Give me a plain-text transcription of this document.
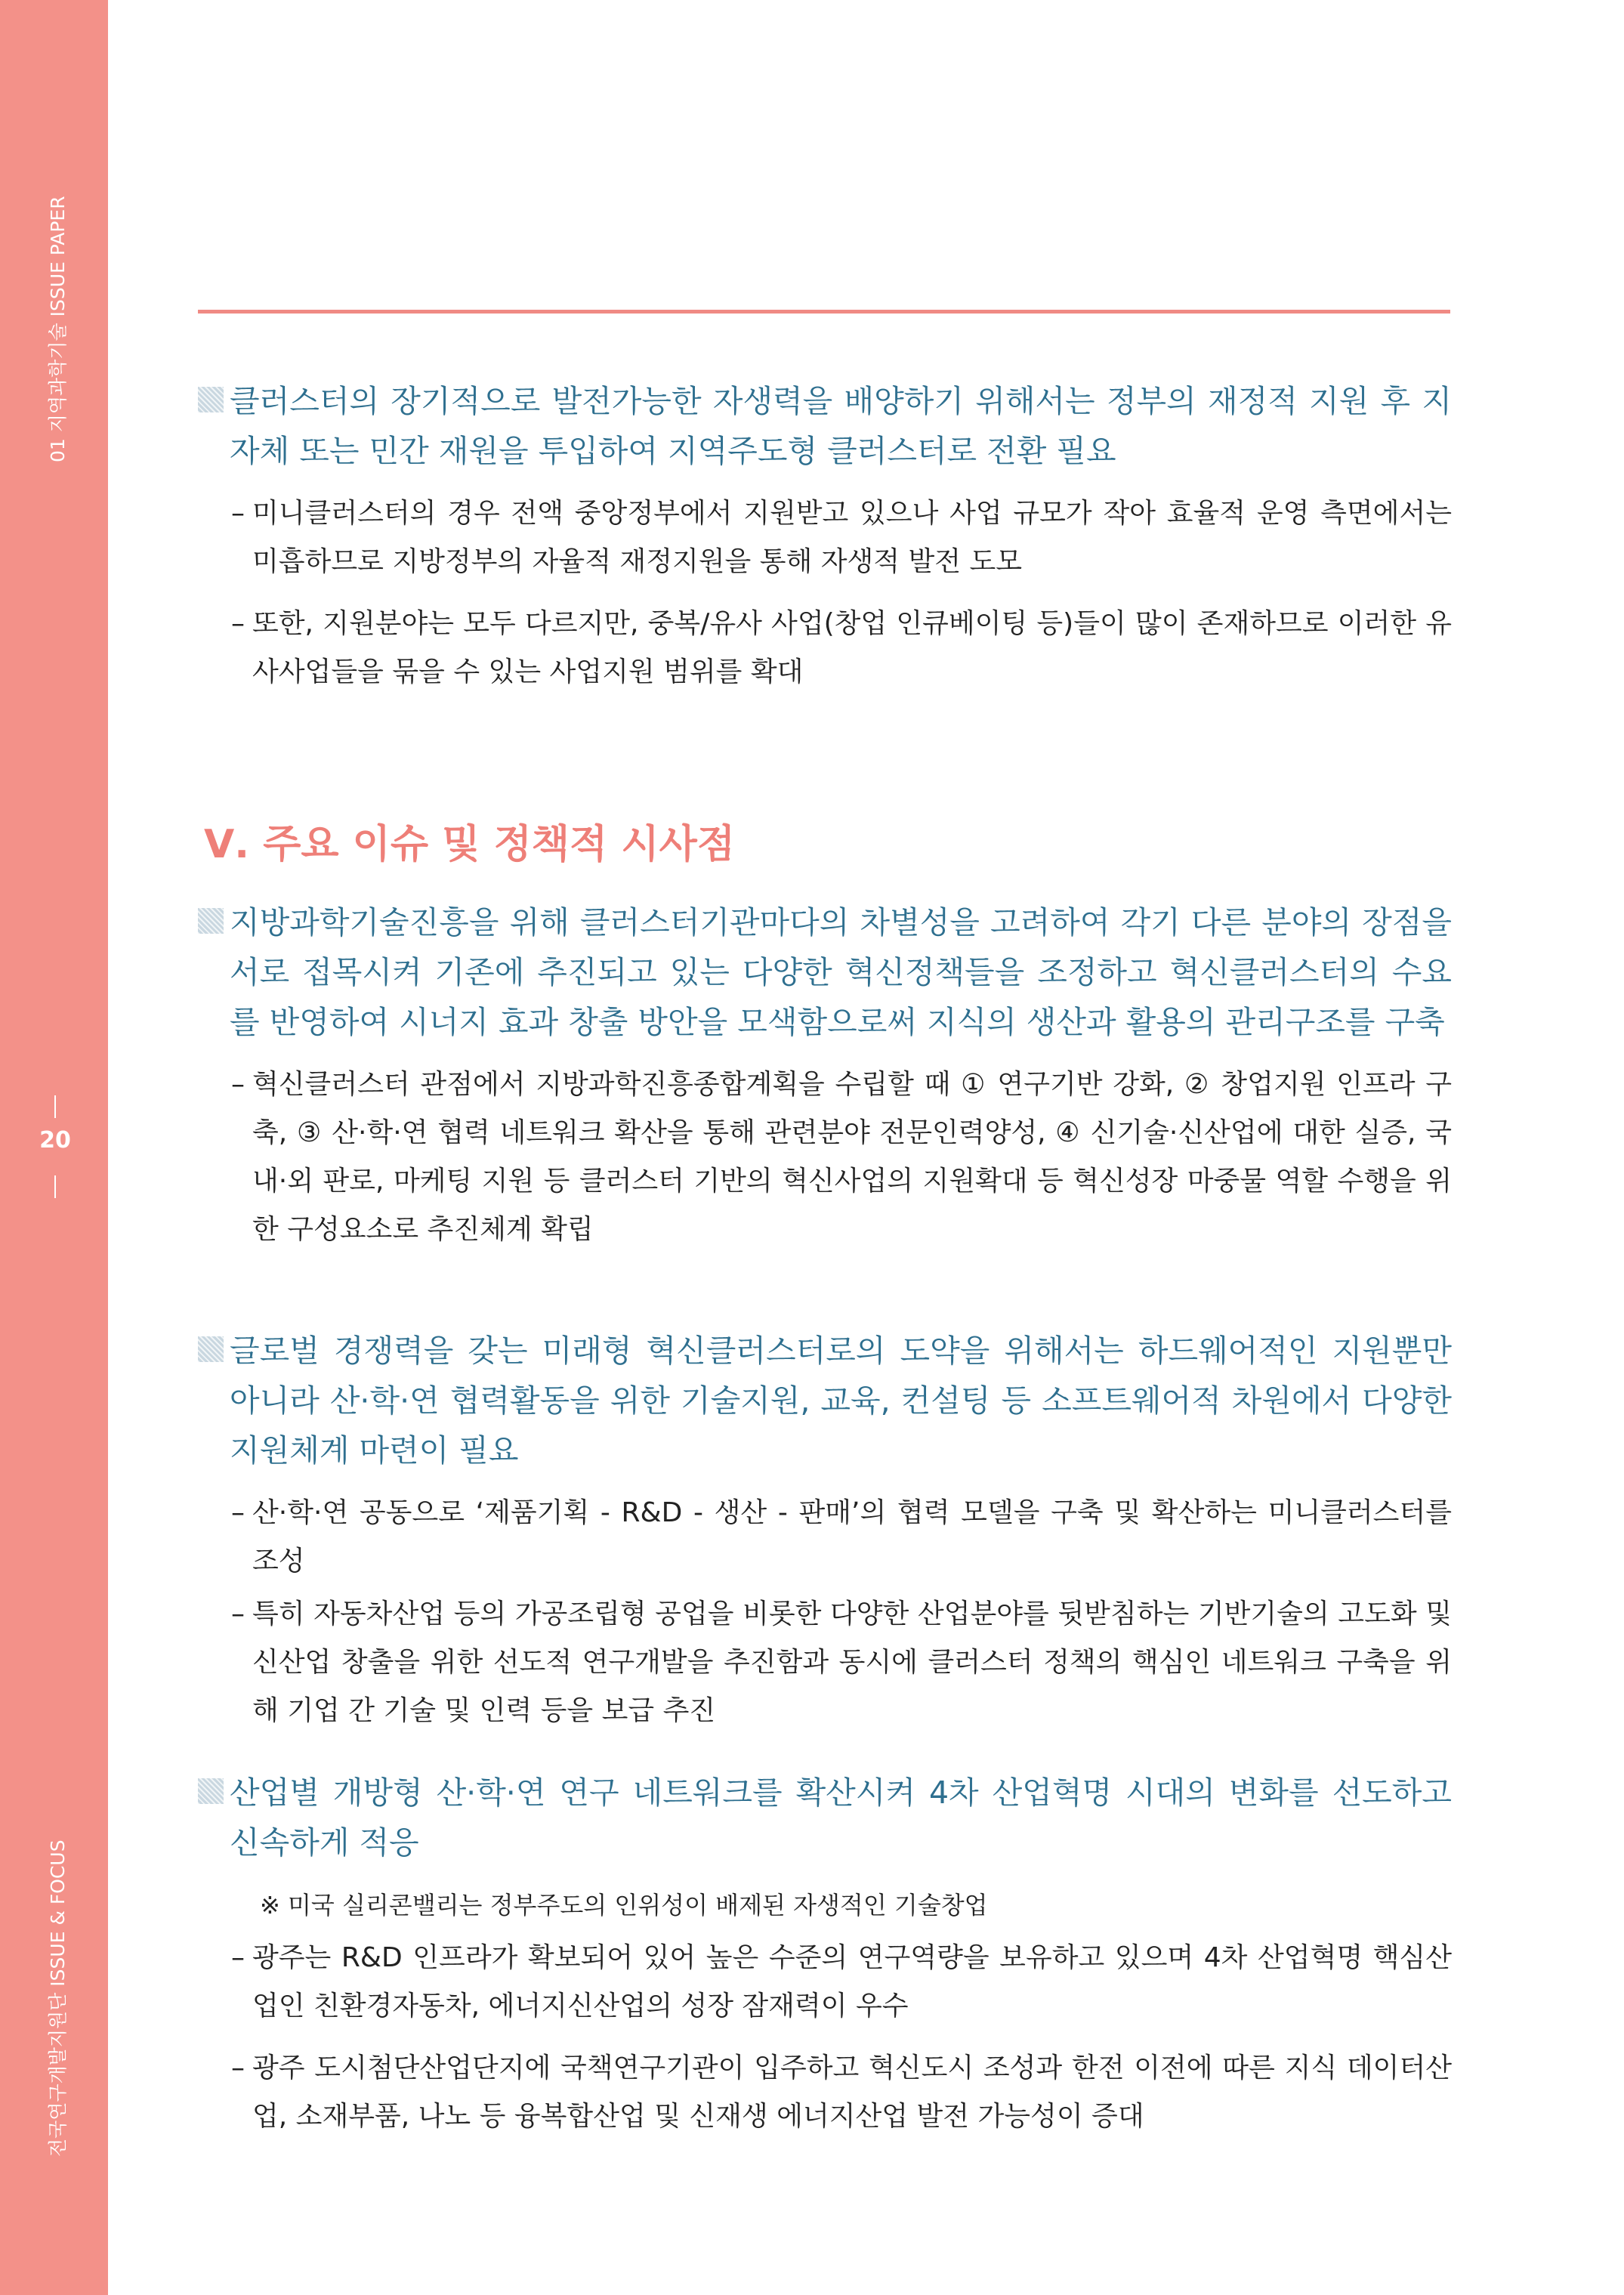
01 지역과학기술 ISSUE PAPER
20
전국연구개발지원단 ISSUE & FOCUS
클러스터의 장기적으로 발전가능한 자생력을 배양하기 위해서는 정부의 재정적 지원 후 지자체 또는 민간 재원을 투입하여 지역주도형 클러스터로 전환 필요
– 미니클러스터의 경우 전액 중앙정부에서 지원받고 있으나 사업 규모가 작아 효율적 운영 측면에서는 미흡하므로 지방정부의 자율적 재정지원을 통해 자생적 발전 도모
– 또한, 지원분야는 모두 다르지만, 중복/유사 사업(창업 인큐베이팅 등)들이 많이 존재하므로 이러한 유사사업들을 묶을 수 있는 사업지원 범위를 확대
Ⅴ. 주요 이슈 및 정책적 시사점
지방과학기술진흥을 위해 클러스터기관마다의 차별성을 고려하여 각기 다른 분야의 장점을 서로 접목시켜 기존에 추진되고 있는 다양한 혁신정책들을 조정하고 혁신클러스터의 수요를 반영하여 시너지 효과 창출 방안을 모색함으로써 지식의 생산과 활용의 관리구조를 구축
– 혁신클러스터 관점에서 지방과학진흥종합계획을 수립할 때 ① 연구기반 강화, ② 창업지원 인프라 구축, ③ 산·학·연 협력 네트워크 확산을 통해 관련분야 전문인력양성, ④ 신기술·신산업에 대한 실증, 국내·외 판로, 마케팅 지원 등 클러스터 기반의 혁신사업의 지원확대 등 혁신성장 마중물 역할 수행을 위한 구성요소로 추진체계 확립
글로벌 경쟁력을 갖는 미래형 혁신클러스터로의 도약을 위해서는 하드웨어적인 지원뿐만 아니라 산·학·연 협력활동을 위한 기술지원, 교육, 컨설팅 등 소프트웨어적 차원에서 다양한 지원체계 마련이 필요
– 산·학·연 공동으로 ‘제품기획 - R&D - 생산 - 판매’의 협력 모델을 구축 및 확산하는 미니클러스터를 조성
– 특히 자동차산업 등의 가공조립형 공업을 비롯한 다양한 산업분야를 뒷받침하는 기반기술의 고도화 및 신산업 창출을 위한 선도적 연구개발을 추진함과 동시에 클러스터 정책의 핵심인 네트워크 구축을 위해 기업 간 기술 및 인력 등을 보급 추진
산업별 개방형 산·학·연 연구 네트워크를 확산시켜 4차 산업혁명 시대의 변화를 선도하고 신속하게 적응
※ 미국 실리콘밸리는 정부주도의 인위성이 배제된 자생적인 기술창업
– 광주는 R&D 인프라가 확보되어 있어 높은 수준의 연구역량을 보유하고 있으며 4차 산업혁명 핵심산업인 친환경자동차, 에너지신산업의 성장 잠재력이 우수
– 광주 도시첨단산업단지에 국책연구기관이 입주하고 혁신도시 조성과 한전 이전에 따른 지식 데이터산업, 소재부품, 나노 등 융복합산업 및 신재생 에너지산업 발전 가능성이 증대
